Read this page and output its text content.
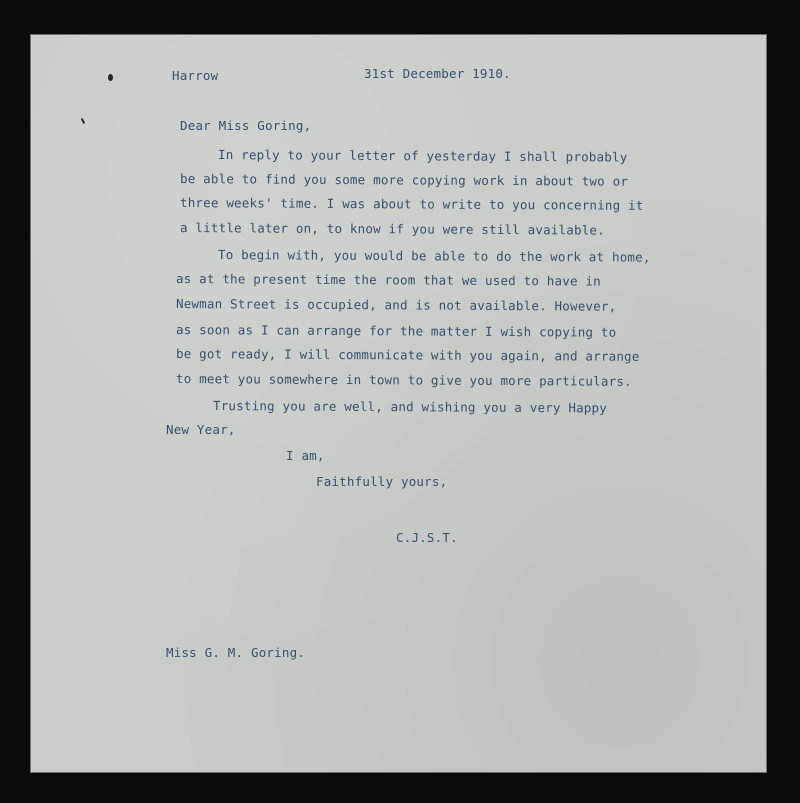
Harrow	31st December 1910.

Dear Miss Goring,

In reply to your letter of yesterday I shall probably

be able to find you some more copying work in about two or

three weeks' time. I was about to write to you concerning it

a little later on, to know if you were still available.

To begin with, you would be able to do the work at home,

as at the present time the room that we used to have in

Newman Street is occupied, and is not available. However,

as soon as I can arrange for the matter I wish copying to

be got ready, I will communicate with you again, and arrange

to meet you somewhere in town to give you more particulars.

Trusting you are well, and wishing you a very Happy

New Year,

I am,

Faithfully yours,

C.J.S.T.

Miss G. M. Goring.
